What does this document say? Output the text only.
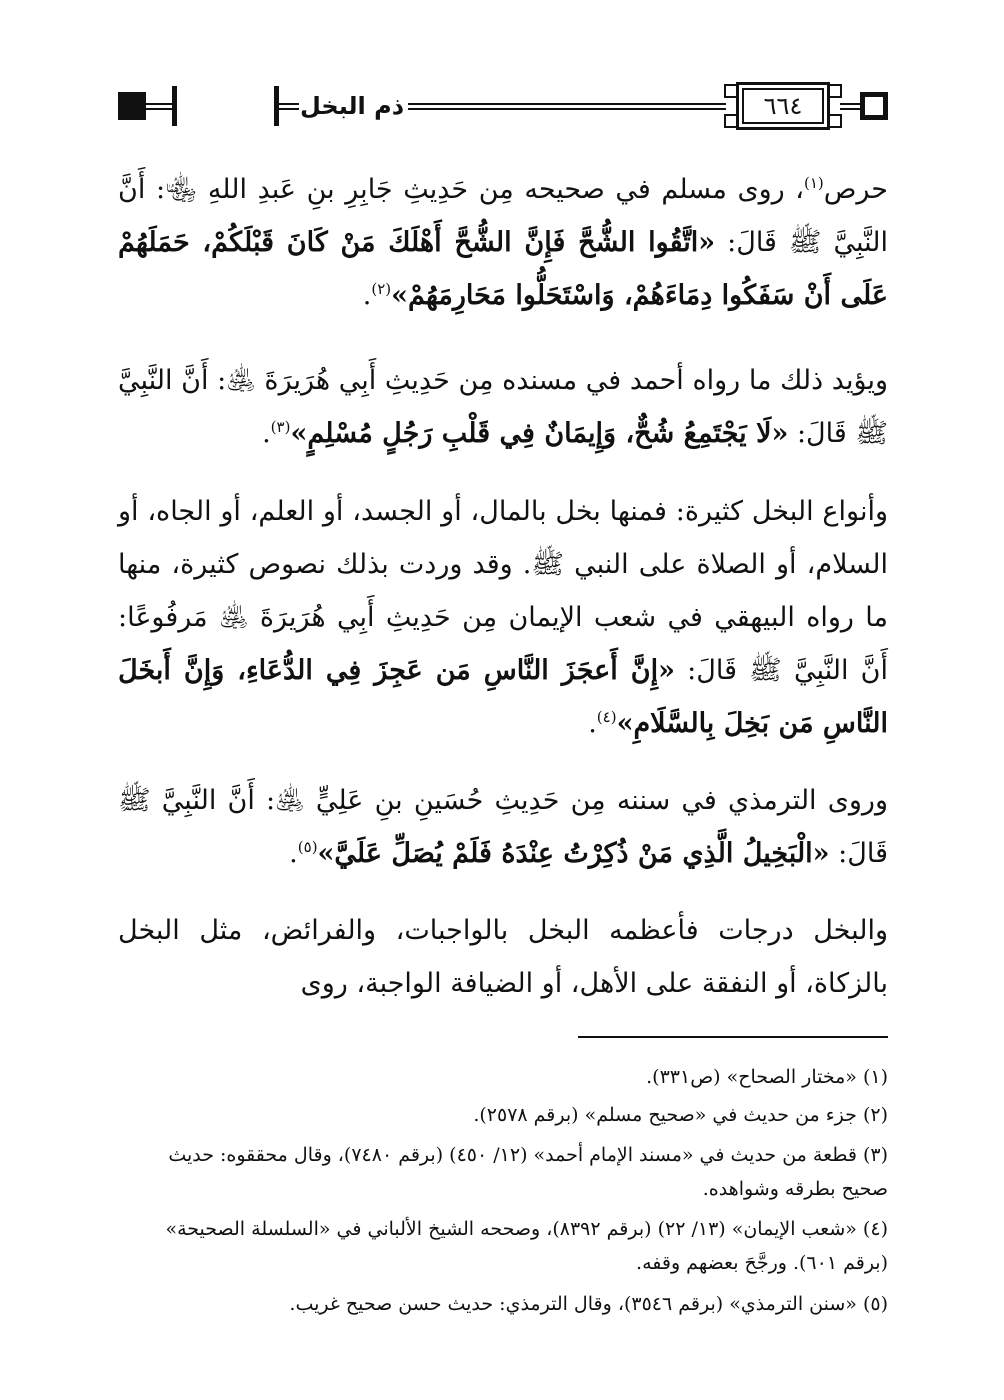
ذم البخل	٦٦٤

حرص$^{(١)}$، روى مسلم في صحيحه مِن حَدِيثِ جَابِرِ بنِ عَبدِ اللهِ ﵄: أَنَّ النَّبِيَّ ﷺ قَالَ: «اتَّقُوا الشُّحَّ فَإِنَّ الشُّحَّ أَهْلَكَ مَنْ كَانَ قَبْلَكُمْ، حَمَلَهُمْ عَلَى أَنْ سَفَكُوا دِمَاءَهُمْ، وَاسْتَحَلُّوا مَحَارِمَهُمْ»$^{(٢)}$.

ويؤيد ذلك ما رواه أحمد في مسنده مِن حَدِيثِ أَبِي هُرَيرَةَ ﵁: أَنَّ النَّبِيَّ ﷺ قَالَ: «لَا يَجْتَمِعُ شُحٌّ، وَإِيمَانٌ فِي قَلْبِ رَجُلٍ مُسْلِمٍ»$^{(٣)}$.

وأنواع البخل كثيرة: فمنها بخل بالمال، أو الجسد، أو العلم، أو الجاه، أو السلام، أو الصلاة على النبي ﷺ. وقد وردت بذلك نصوص كثيرة، منها ما رواه البيهقي في شعب الإيمان مِن حَدِيثِ أَبِي هُرَيرَةَ ﵁ مَرفُوعًا: أَنَّ النَّبِيَّ ﷺ قَالَ: «إِنَّ أَعجَزَ النَّاسِ مَن عَجِزَ فِي الدُّعَاءِ، وَإِنَّ أَبخَلَ النَّاسِ مَن بَخِلَ بِالسَّلَامِ»$^{(٤)}$.

وروى الترمذي في سننه مِن حَدِيثِ حُسَينِ بنِ عَلِيٍّ ﵁: أَنَّ النَّبِيَّ ﷺ قَالَ: «الْبَخِيلُ الَّذِي مَنْ ذُكِرْتُ عِنْدَهُ فَلَمْ يُصَلِّ عَلَيَّ»$^{(٥)}$.

والبخل درجات فأعظمه البخل بالواجبات، والفرائض، مثل البخل بالزكاة، أو النفقة على الأهل، أو الضيافة الواجبة، روى

(١) «مختار الصحاح» (ص٣٣١).

(٢) جزء من حديث في «صحيح مسلم» (برقم ٢٥٧٨).

(٣) قطعة من حديث في «مسند الإمام أحمد» (١٢/ ٤٥٠) (برقم ٧٤٨٠)، وقال محققوه: حديث صحيح بطرقه وشواهده.

(٤) «شعب الإيمان» (١٣/ ٢٢) (برقم ٨٣٩٢)، وصححه الشيخ الألباني في «السلسلة الصحيحة» (برقم ٦٠١). ورجَّحَ بعضهم وقفه.

(٥) «سنن الترمذي» (برقم ٣٥٤٦)، وقال الترمذي: حديث حسن صحيح غريب.
